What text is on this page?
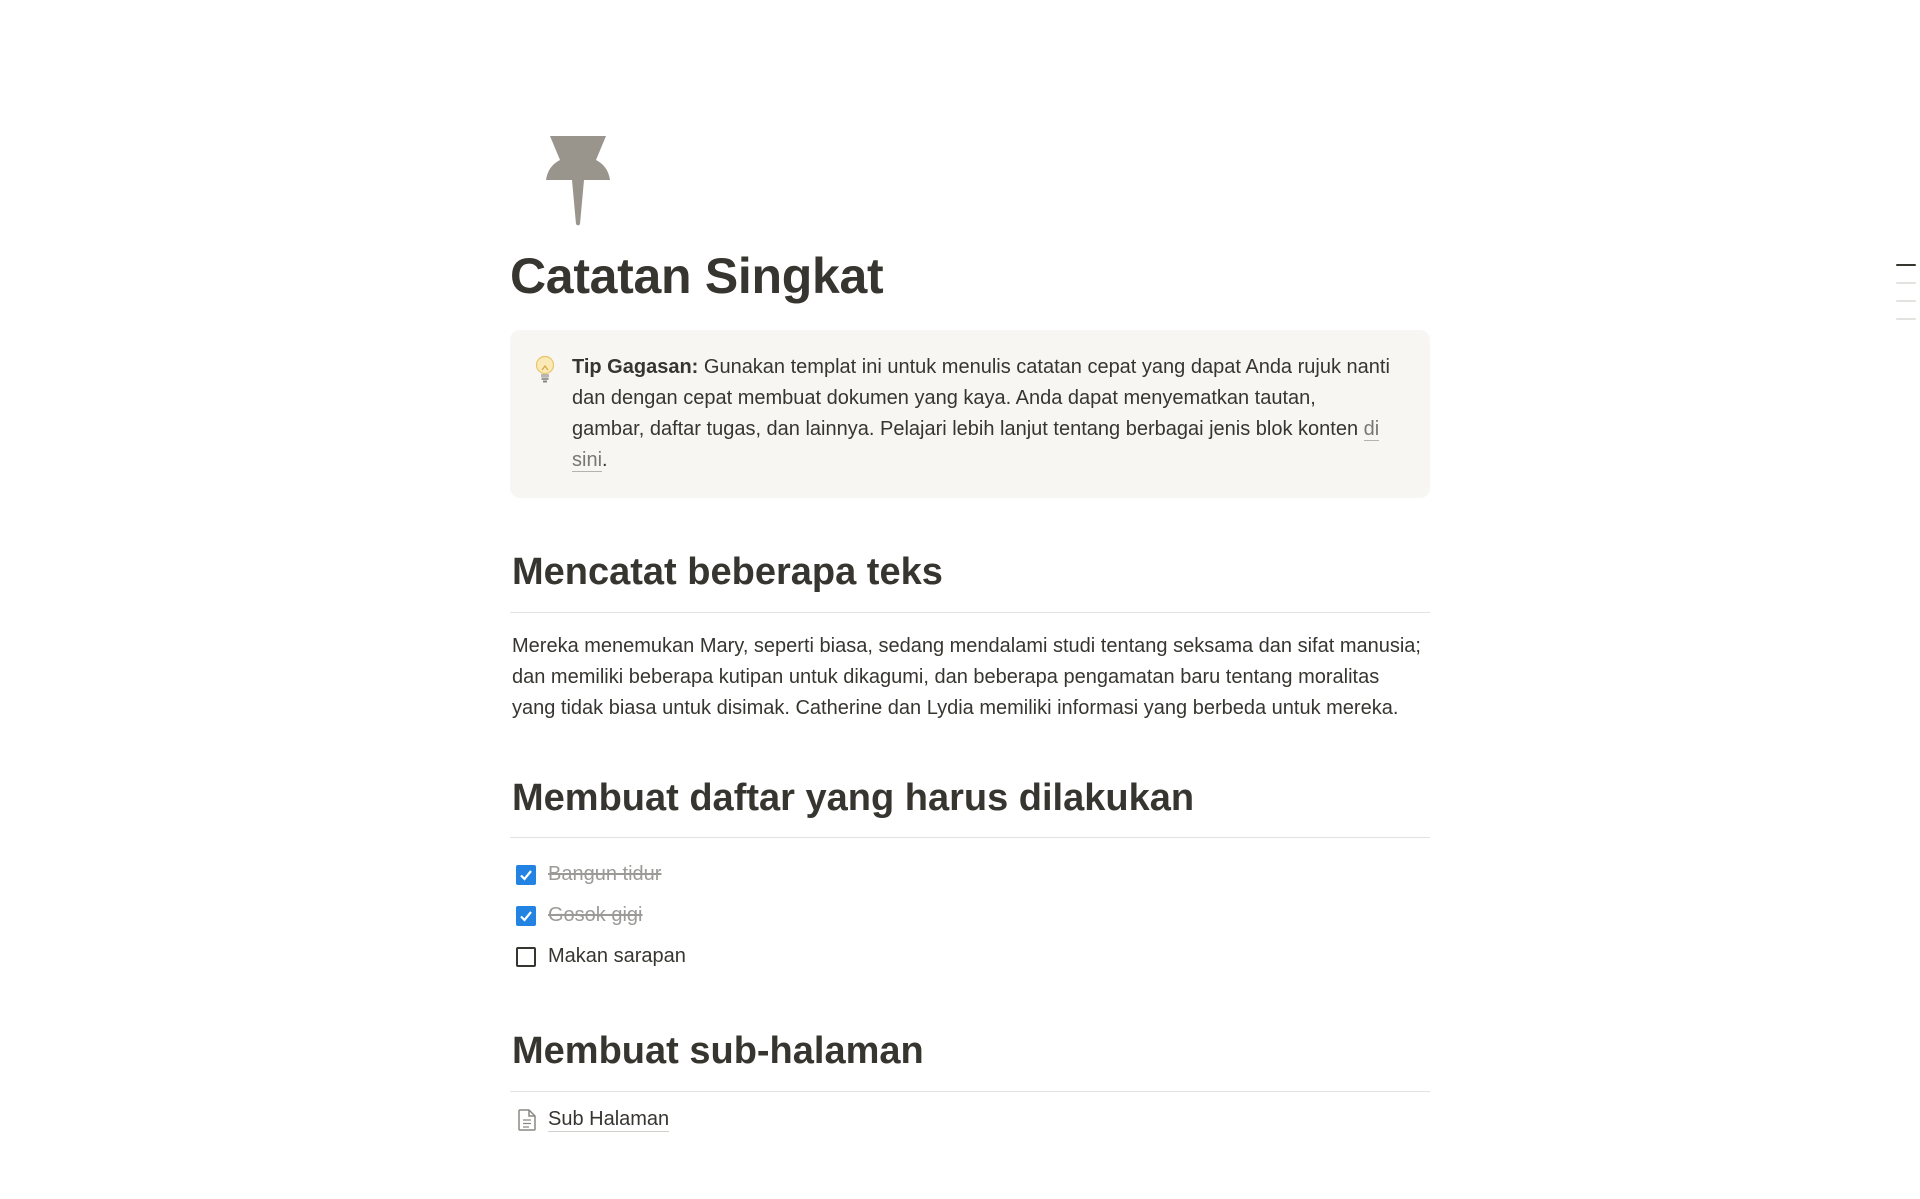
Catatan Singkat
Tip Gagasan: Gunakan templat ini untuk menulis catatan cepat yang dapat Anda rujuk nanti dan dengan cepat membuat dokumen yang kaya. Anda dapat menyematkan tautan, gambar, daftar tugas, dan lainnya. Pelajari lebih lanjut tentang berbagai jenis blok konten di sini.
Mencatat beberapa teks

Mereka menemukan Mary, seperti biasa, sedang mendalami studi tentang seksama dan sifat manusia; dan memiliki beberapa kutipan untuk dikagumi, dan beberapa pengamatan baru tentang moralitas yang tidak biasa untuk disimak. Catherine dan Lydia memiliki informasi yang berbeda untuk mereka.

Membuat daftar yang harus dilakukan
Bangun tidur
Gosok gigi
Makan sarapan
Membuat sub-halaman
Sub Halaman
